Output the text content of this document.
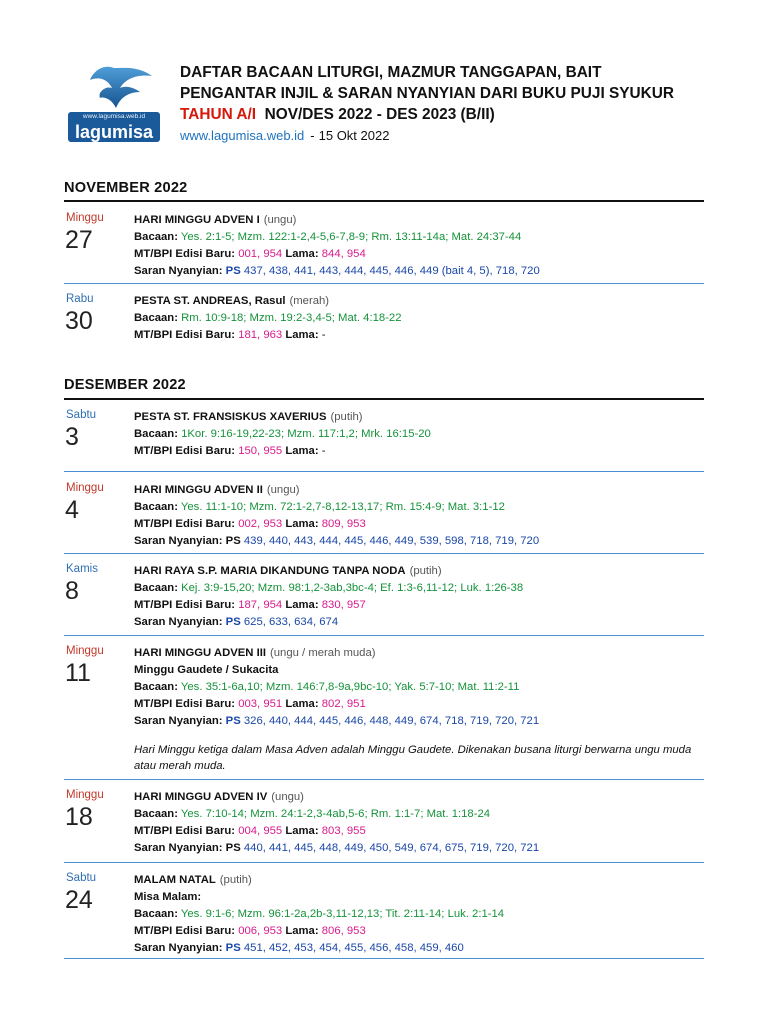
www.lagumisa.web.id
lagumisa
DAFTAR BACAAN LITURGI, MAZMUR TANGGAPAN, BAIT
PENGANTAR INJIL & SARAN NYANYIAN DARI BUKU PUJI SYUKUR
TAHUN A/I NOV/DES 2022 - DES 2023 (B/II)
www.lagumisa.web.id - 15 Okt 2022
NOVEMBER 2022
Minggu
27
HARI MINGGU ADVEN I (ungu)
Bacaan: Yes. 2:1-5; Mzm. 122:1-2,4-5,6-7,8-9; Rm. 13:11-14a; Mat. 24:37-44
MT/BPI Edisi Baru: 001, 954 Lama: 844, 954
Saran Nyanyian: PS 437, 438, 441, 443, 444, 445, 446, 449 (bait 4, 5), 718, 720
Rabu
30
PESTA ST. ANDREAS, Rasul (merah)
Bacaan: Rm. 10:9-18; Mzm. 19:2-3,4-5; Mat. 4:18-22
MT/BPI Edisi Baru: 181, 963 Lama: -
DESEMBER 2022
Sabtu
3
PESTA ST. FRANSISKUS XAVERIUS (putih)
Bacaan: 1Kor. 9:16-19,22-23; Mzm. 117:1,2; Mrk. 16:15-20
MT/BPI Edisi Baru: 150, 955 Lama: -
Minggu
4
HARI MINGGU ADVEN II (ungu)
Bacaan: Yes. 11:1-10; Mzm. 72:1-2,7-8,12-13,17; Rm. 15:4-9; Mat. 3:1-12
MT/BPI Edisi Baru: 002, 953 Lama: 809, 953
Saran Nyanyian: PS 439, 440, 443, 444, 445, 446, 449, 539, 598, 718, 719, 720
Kamis
8
HARI RAYA S.P. MARIA DIKANDUNG TANPA NODA (putih)
Bacaan: Kej. 3:9-15,20; Mzm. 98:1,2-3ab,3bc-4; Ef. 1:3-6,11-12; Luk. 1:26-38
MT/BPI Edisi Baru: 187, 954 Lama: 830, 957
Saran Nyanyian: PS 625, 633, 634, 674
Minggu
11
HARI MINGGU ADVEN III (ungu / merah muda)
Minggu Gaudete / Sukacita
Bacaan: Yes. 35:1-6a,10; Mzm. 146:7,8-9a,9bc-10; Yak. 5:7-10; Mat. 11:2-11
MT/BPI Edisi Baru: 003, 951 Lama: 802, 951
Saran Nyanyian: PS 326, 440, 444, 445, 446, 448, 449, 674, 718, 719, 720, 721
Hari Minggu ketiga dalam Masa Adven adalah Minggu Gaudete. Dikenakan busana liturgi berwarna ungu muda atau merah muda.
Minggu
18
HARI MINGGU ADVEN IV (ungu)
Bacaan: Yes. 7:10-14; Mzm. 24:1-2,3-4ab,5-6; Rm. 1:1-7; Mat. 1:18-24
MT/BPI Edisi Baru: 004, 955 Lama: 803, 955
Saran Nyanyian: PS 440, 441, 445, 448, 449, 450, 549, 674, 675, 719, 720, 721
Sabtu
24
MALAM NATAL (putih)
Misa Malam:
Bacaan: Yes. 9:1-6; Mzm. 96:1-2a,2b-3,11-12,13; Tit. 2:11-14; Luk. 2:1-14
MT/BPI Edisi Baru: 006, 953 Lama: 806, 953
Saran Nyanyian: PS 451, 452, 453, 454, 455, 456, 458, 459, 460
